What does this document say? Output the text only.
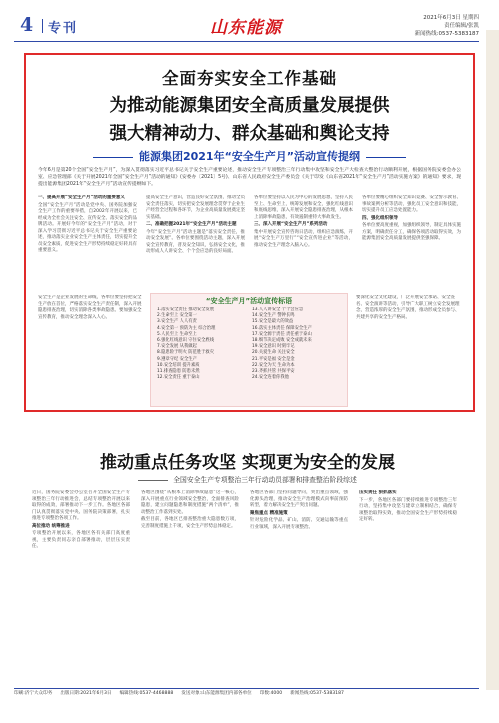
4 专刊	山东能源	2021年6月3日 星期四
责任编辑/张凯
新闻热线:0537-5383187
全面夯实安全工作基础
为推动能源集团安全高质量发展提供
强大精神动力、群众基础和舆论支持
能源集团2021年“安全生产月”活动宣传提纲
今年6月是第20个全国“安全生产月”，为深入贯彻落实习近平总书记关于安全生产重要论述，推动安全生产专项整治三年行动集中攻坚和安全生产大检查大整治行动顺利开展，根据国务院安委会办公室、应急管理部《关于开展2021年全国“安全生产月”活动的通知》(安委办〔2021〕5号)、山东省人民政府安全生产委员会《关于印发《山东省2021年“安全生产月”活动实施方案》的通知》要求，现提出能源集团2021年“安全生产月”活动宣传提纲如下。

一、提高开展“安全生产月”活动的重要意义

全国“安全生产月”活动是党中央、国务院加强安全生产工作的重要举措，自2002年开展以来，已经成为全社会关注安全、宣传安全、落实安全的品牌活动。开展好今年的“安全生产月”活动，对于深入学习贯彻习近平总书记关于安全生产重要论述，推动落实企业安全生产主体责任，切实提升全员安全素质，促进安全生产形势持续稳定好转具有重要意义。

提高安全生产意识，营造良好安全氛围，推动全员安全责任落实，切实把安全发展理念贯穿于企业生产经营全过程和各环节，为企业高质量发展奠定坚实基础。

二、准确把握2021年“安全生产月”活动主题

今年“安全生产月”活动主题是“落实安全责任，推动安全发展”。各单位要围绕活动主题，深入开展安全宣传教育，普及安全知识，弘扬安全文化，推动形成人人讲安全、个个会应急的良好局面。

各单位要坚持以人民为中心的发展思想，坚持人民至上、生命至上，统筹发展和安全，强化红线意识和底线思维，深入开展安全隐患排查治理，从根本上消除事故隐患，有效遏制重特大事故发生。

三、深入开展“安全生产月”系列活动

集中开展安全宣传咨询日活动，组织应急演练，开展“安全生产万里行”“安全宣传进企业”等活动，推动安全生产理念入脑入心。

各单位要精心组织安全知识竞赛、安全警示教育、事故案例分析等活动，强化员工安全意识和技能，切实提升员工应急处置能力。

四、强化组织领导

各单位要高度重视，加强组织领导，制定具体实施方案，明确责任分工，确保各项活动取得实效，为能源集团安全高质量发展提供坚强保障。

安全生产是企业发展的生命线，各单位要坚持把安全生产放在首位，严格落实安全生产责任制，深入开展隐患排查治理，切实消除各类事故隐患。要加强安全宣传教育，推动安全理念深入人心。
要深化安全文化建设，广泛开展安全承诺、安全签名、安全演讲等活动，引导广大职工树立安全发展理念，营造浓厚的安全生产氛围，推动形成全员参与、共建共享的安全生产格局。
“安全生产月”活动宣传标语
1.落实安全责任 推动安全发展
2.生命至上 安全第一
3.安全生产 人人有责
4.安全第一 预防为主 综合治理
5.人民至上 生命至上
6.强化红线意识 守住安全底线
7.安全发展 从我做起
8.隐患险于明火 防范胜于救灾
9.遵章守纪 安全生产
10.安全培训 提升素质
11.排查隐患 防患未然
12.安全责任 重于泰山
13.人人讲安全 个个会应急
14.安全生产 警钟长鸣
15.安全是最大的效益
16.落实主体责任 保障安全生产
17.安全源于责任 责任重于泰山
18.细节决定成败 安全成就未来
19.安全意识 时刻牢记
20.关爱生命 关注安全
21.平安是福 安全是金
22.安全为天 生命为本
23.齐抓共管 共保平安
24.安全连着你我他
推动重点任务攻坚 实现更为安全的发展
全国安全生产专项整治三年行动动员部署和排查整治阶段综述

近日，国务院安委会办公室召开全国安全生产专项整治三年行动推进会，总结专项整治开展以来取得的成效，部署推动下一步工作。各地区各部门认真贯彻落实党中央、国务院决策部署，扎实推进专项整治各项工作。

高位推动 统筹推进

专项整治开展以来，各地区各有关部门高度重视，主要负责同志亲自部署推动，层层压实责任。

各地区围绕“从根本上消除事故隐患”这一核心，深入开展重点行业领域安全整治，全面排查风险隐患，建立问题隐患和制度措施“两个清单”，推动整治工作落到实处。

截至目前，各地区已排查整治重大隐患数万项，完善制度措施上千项，安全生产形势总体稳定。

各地区各部门坚持问题导向，突出重点领域，强化源头治理，推动安全生产治理模式向事前预防转型，着力解决安全生产突出问题。

聚焦重点 精准施策

针对危险化学品、矿山、消防、交通运输等重点行业领域，深入开展专项整治。

压实责任 狠抓落实

下一步，各地区各部门要持续推进专项整治三年行动，坚持集中攻坚与建章立制相结合，确保专项整治取得实效，推动全国安全生产形势持续稳定好转。

印刷:济宁大众印务 出版日期:2021年6月3日 编辑热线:0537-4468888 发送对象:山东能源集团内部各单位 印数:4000 新闻热线:0537-5383187
